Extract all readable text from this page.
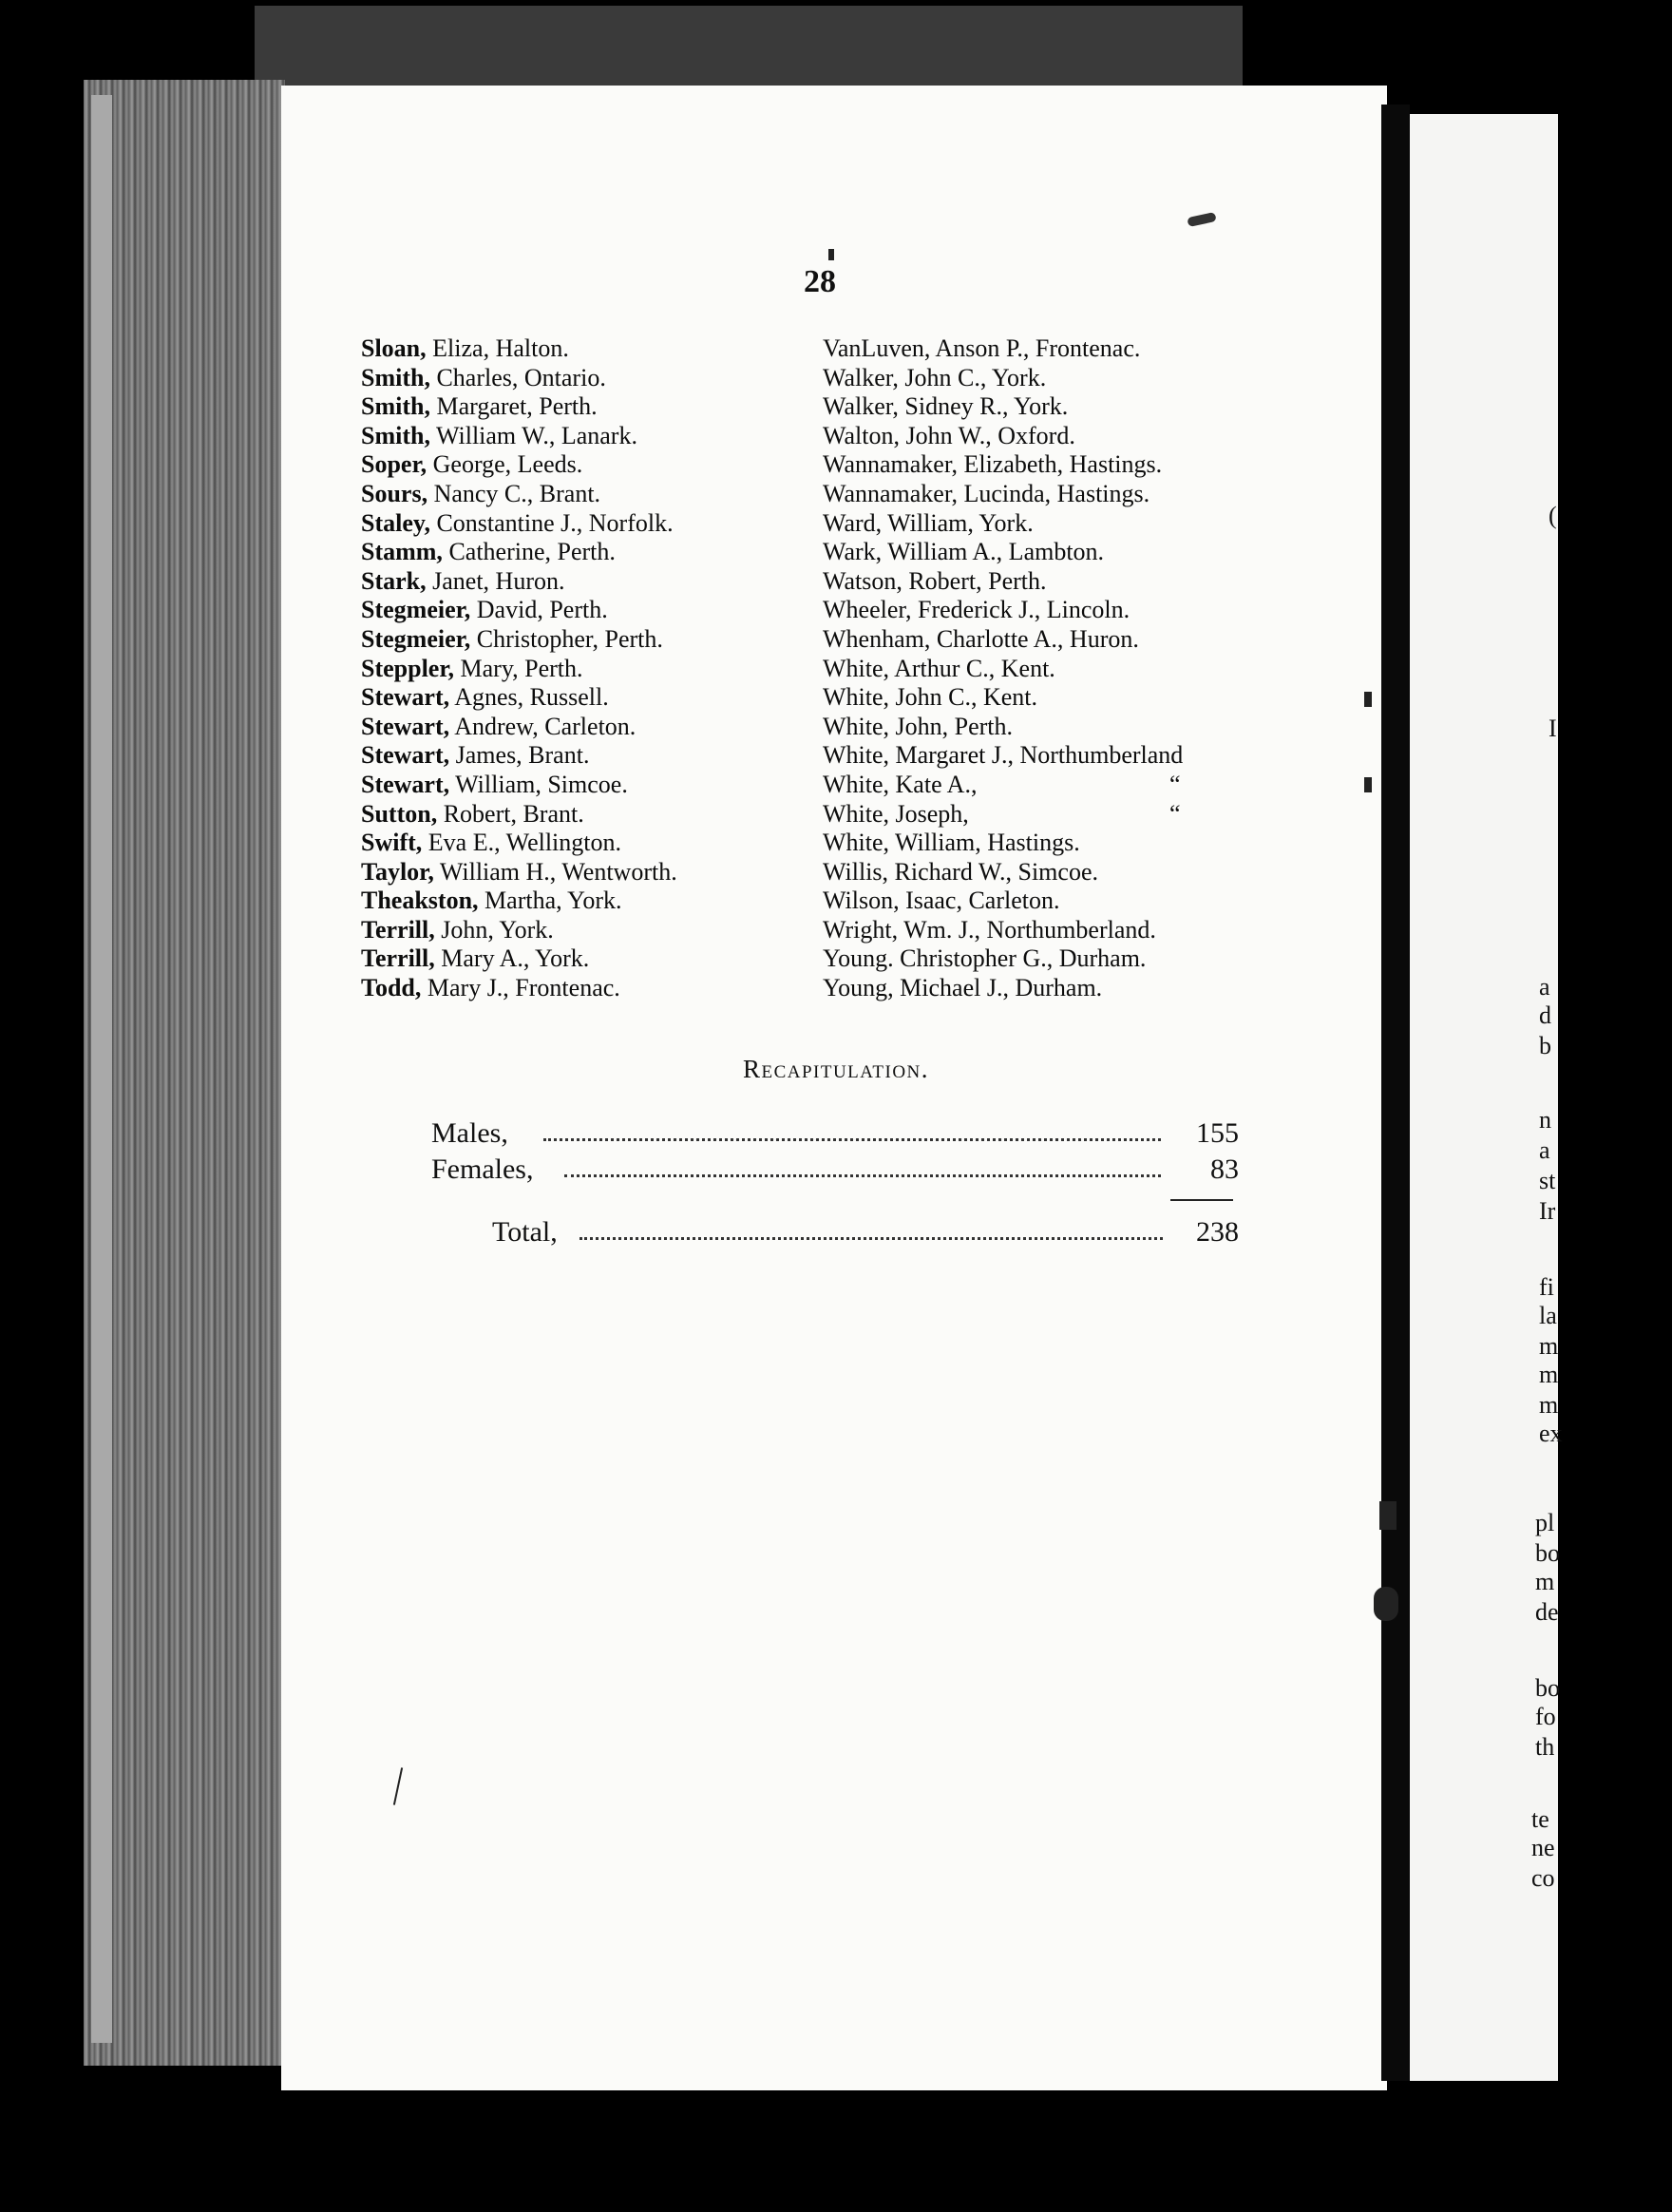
28
Sloan, Eliza, Halton.
Smith, Charles, Ontario.
Smith, Margaret, Perth.
Smith, William W., Lanark.
Soper, George, Leeds.
Sours, Nancy C., Brant.
Staley, Constantine J., Norfolk.
Stamm, Catherine, Perth.
Stark, Janet, Huron.
Stegmeier, David, Perth.
Stegmeier, Christopher, Perth.
Steppler, Mary, Perth.
Stewart, Agnes, Russell.
Stewart, Andrew, Carleton.
Stewart, James, Brant.
Stewart, William, Simcoe.
Sutton, Robert, Brant.
Swift, Eva E., Wellington.
Taylor, William H., Wentworth.
Theakston, Martha, York.
Terrill, John, York.
Terrill, Mary A., York.
Todd, Mary J., Frontenac.
VanLuven, Anson P., Frontenac.
Walker, John C., York.
Walker, Sidney R., York.
Walton, John W., Oxford.
Wannamaker, Elizabeth, Hastings.
Wannamaker, Lucinda, Hastings.
Ward, William, York.
Wark, William A., Lambton.
Watson, Robert, Perth.
Wheeler, Frederick J., Lincoln.
Whenham, Charlotte A., Huron.
White, Arthur C., Kent.
White, John C., Kent.
White, John, Perth.
White, Margaret J., Northumberland
White, Kate A.,	“
White, Joseph,	“
White, William, Hastings.
Willis, Richard W., Simcoe.
Wilson, Isaac, Carleton.
Wright, Wm. J., Northumberland.
Young. Christopher G., Durham.
Young, Michael J., Durham.
Recapitulation.
Males,	155
Females,	83
Total,	238
(
I
a
d
b
n
a
st
Ir
fi
la
m
m
m
ex
pl
bo
m
de
bo
fo
th
te
ne
co
